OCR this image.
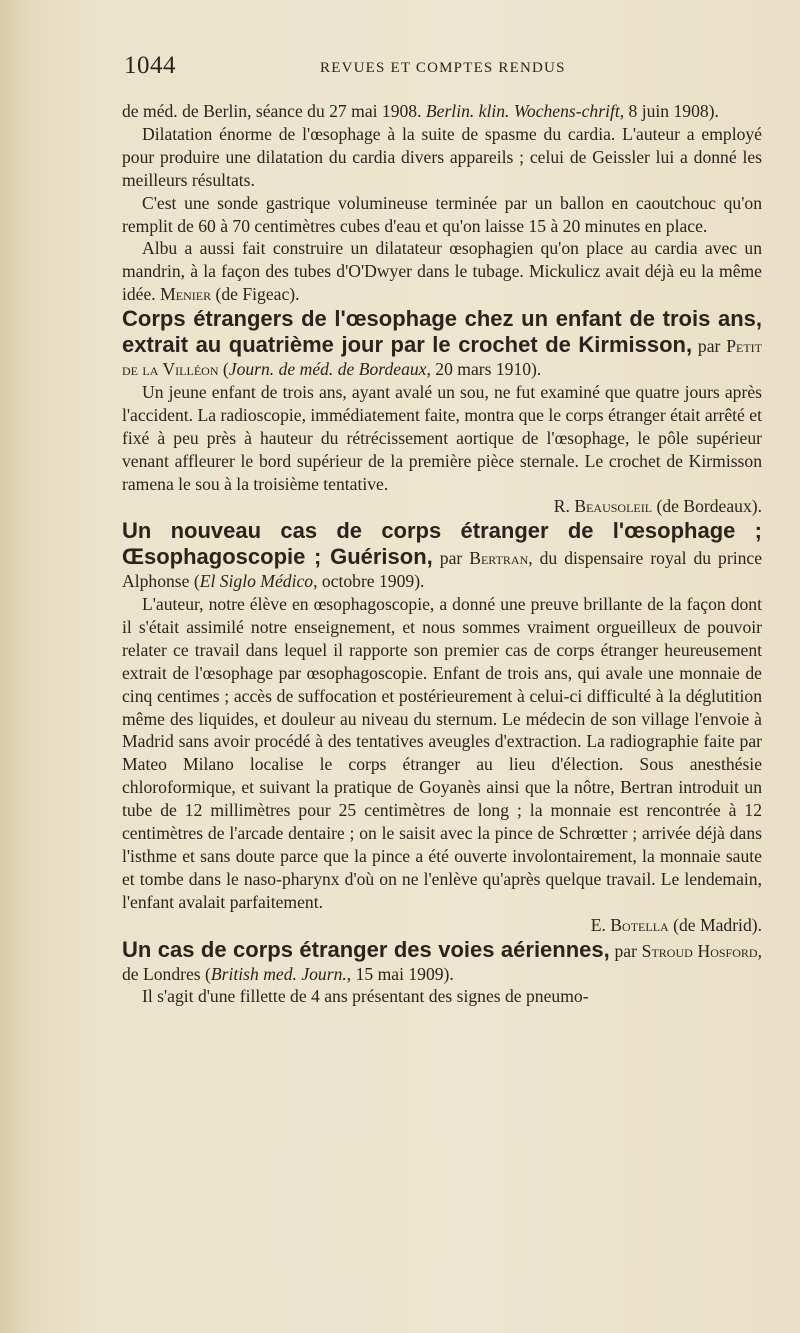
1044	REVUES ET COMPTES RENDUS

de méd. de Berlin, séance du 27 mai 1908. Berlin. klin. Wochens-chrift, 8 juin 1908).

Dilatation énorme de l'œsophage à la suite de spasme du cardia. L'auteur a employé pour produire une dilatation du cardia divers appareils ; celui de Geissler lui a donné les meilleurs résultats.

C'est une sonde gastrique volumineuse terminée par un ballon en caoutchouc qu'on remplit de 60 à 70 centimètres cubes d'eau et qu'on laisse 15 à 20 minutes en place.

Albu a aussi fait construire un dilatateur œsophagien qu'on place au cardia avec un mandrin, à la façon des tubes d'O'Dwyer dans le tubage. Mickulicz avait déjà eu la même idée. Menier (de Figeac).

Corps étrangers de l'œsophage chez un enfant de trois ans, extrait au quatrième jour par le crochet de Kirmisson, par Petit de la Villéon (Journ. de méd. de Bordeaux, 20 mars 1910).

Un jeune enfant de trois ans, ayant avalé un sou, ne fut examiné que quatre jours après l'accident. La radioscopie, immédiatement faite, montra que le corps étranger était arrêté et fixé à peu près à hauteur du rétrécissement aortique de l'œsophage, le pôle supérieur venant affleurer le bord supérieur de la première pièce sternale. Le crochet de Kirmisson ramena le sou à la troisième tentative.

R. Beausoleil (de Bordeaux).

Un nouveau cas de corps étranger de l'œsophage ; Œsophagoscopie ; Guérison, par Bertran, du dispensaire royal du prince Alphonse (El Siglo Médico, octobre 1909).

L'auteur, notre élève en œsophagoscopie, a donné une preuve brillante de la façon dont il s'était assimilé notre enseignement, et nous sommes vraiment orgueilleux de pouvoir relater ce travail dans lequel il rapporte son premier cas de corps étranger heureusement extrait de l'œsophage par œsophagoscopie. Enfant de trois ans, qui avale une monnaie de cinq centimes ; accès de suffocation et postérieurement à celui-ci difficulté à la déglutition même des liquides, et douleur au niveau du sternum. Le médecin de son village l'envoie à Madrid sans avoir procédé à des tentatives aveugles d'extraction. La radiographie faite par Mateo Milano localise le corps étranger au lieu d'élection. Sous anesthésie chloroformique, et suivant la pratique de Goyanès ainsi que la nôtre, Bertran introduit un tube de 12 millimètres pour 25 centimètres de long ; la monnaie est rencontrée à 12 centimètres de l'arcade dentaire ; on le saisit avec la pince de Schrœtter ; arrivée déjà dans l'isthme et sans doute parce que la pince a été ouverte involontairement, la monnaie saute et tombe dans le naso-pharynx d'où on ne l'enlève qu'après quelque travail. Le lendemain, l'enfant avalait parfaitement.

E. Botella (de Madrid).

Un cas de corps étranger des voies aériennes, par Stroud Hosford, de Londres (British med. Journ., 15 mai 1909).

Il s'agit d'une fillette de 4 ans présentant des signes de pneumo-
